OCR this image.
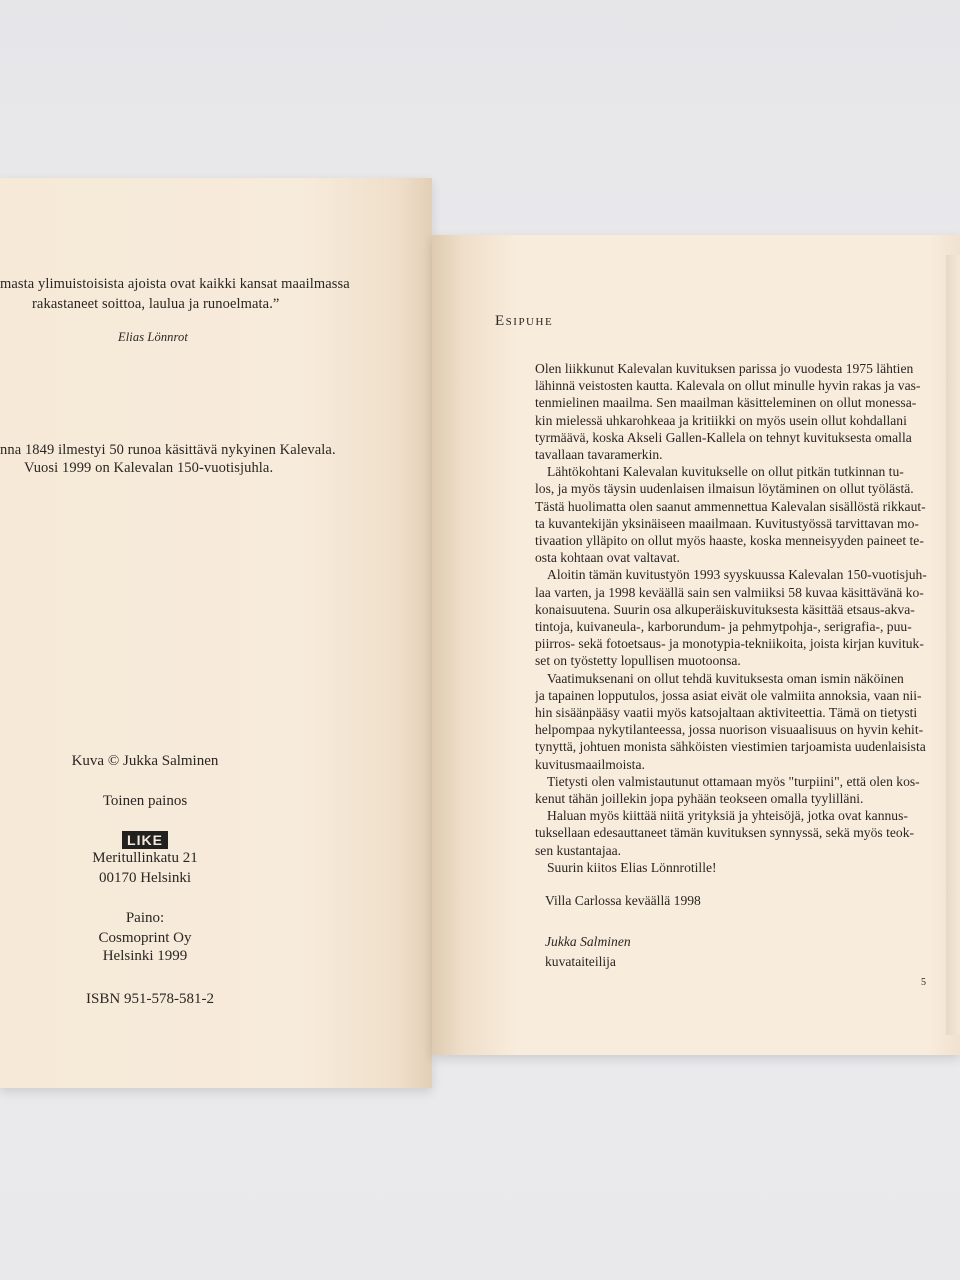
masta ylimuistoisista ajoista ovat kaikki kansat maailmassa
rakastaneet soittoa, laulua ja runoelmata.”
Elias Lönnrot
nna 1849 ilmestyi 50 runoa käsittävä nykyinen Kalevala.
Vuosi 1999 on Kalevalan 150-vuotisjuhla.
Kuva © Jukka Salminen
Toinen painos
LIKE
Meritullinkatu 21
00170 Helsinki
Paino:
Cosmoprint Oy
Helsinki 1999
ISBN 951-578-581-2
Esipuhe
Olen liikkunut Kalevalan kuvituksen parissa jo vuodesta 1975 lähtien
lähinnä veistosten kautta. Kalevala on ollut minulle hyvin rakas ja vas-
tenmielinen maailma. Sen maailman käsitteleminen on ollut monessa-
kin mielessä uhkarohkeaa ja kritiikki on myös usein ollut kohdallani
tyrmäävä, koska Akseli Gallen-Kallela on tehnyt kuvituksesta omalla
tavallaan tavaramerkin.
Lähtökohtani Kalevalan kuvitukselle on ollut pitkän tutkinnan tu-
los, ja myös täysin uudenlaisen ilmaisun löytäminen on ollut työlästä.
Tästä huolimatta olen saanut ammennettua Kalevalan sisällöstä rikkaut-
ta kuvantekijän yksinäiseen maailmaan. Kuvitustyössä tarvittavan mo-
tivaation ylläpito on ollut myös haaste, koska menneisyyden paineet te-
osta kohtaan ovat valtavat.
Aloitin tämän kuvitustyön 1993 syyskuussa Kalevalan 150-vuotisjuh-
laa varten, ja 1998 keväällä sain sen valmiiksi 58 kuvaa käsittävänä ko-
konaisuutena. Suurin osa alkuperäiskuvituksesta käsittää etsaus-akva-
tintoja, kuivaneula-, karborundum- ja pehmytpohja-, serigrafia-, puu-
piirros- sekä fotoetsaus- ja monotypia-tekniikoita, joista kirjan kuvituk-
set on työstetty lopullisen muotoonsa.
Vaatimuksenani on ollut tehdä kuvituksesta oman ismin näköinen
ja tapainen lopputulos, jossa asiat eivät ole valmiita annoksia, vaan nii-
hin sisäänpääsy vaatii myös katsojaltaan aktiviteettia. Tämä on tietysti
helpompaa nykytilanteessa, jossa nuorison visuaalisuus on hyvin kehit-
tynyttä, johtuen monista sähköisten viestimien tarjoamista uudenlaisista
kuvitusmaailmoista.
Tietysti olen valmistautunut ottamaan myös "turpiini", että olen kos-
kenut tähän joillekin jopa pyhään teokseen omalla tyylilläni.
Haluan myös kiittää niitä yrityksiä ja yhteisöjä, jotka ovat kannus-
tuksellaan edesauttaneet tämän kuvituksen synnyssä, sekä myös teok-
sen kustantajaa.
Suurin kiitos Elias Lönnrotille!
Villa Carlossa keväällä 1998
Jukka Salminen
kuvataiteilija
5
